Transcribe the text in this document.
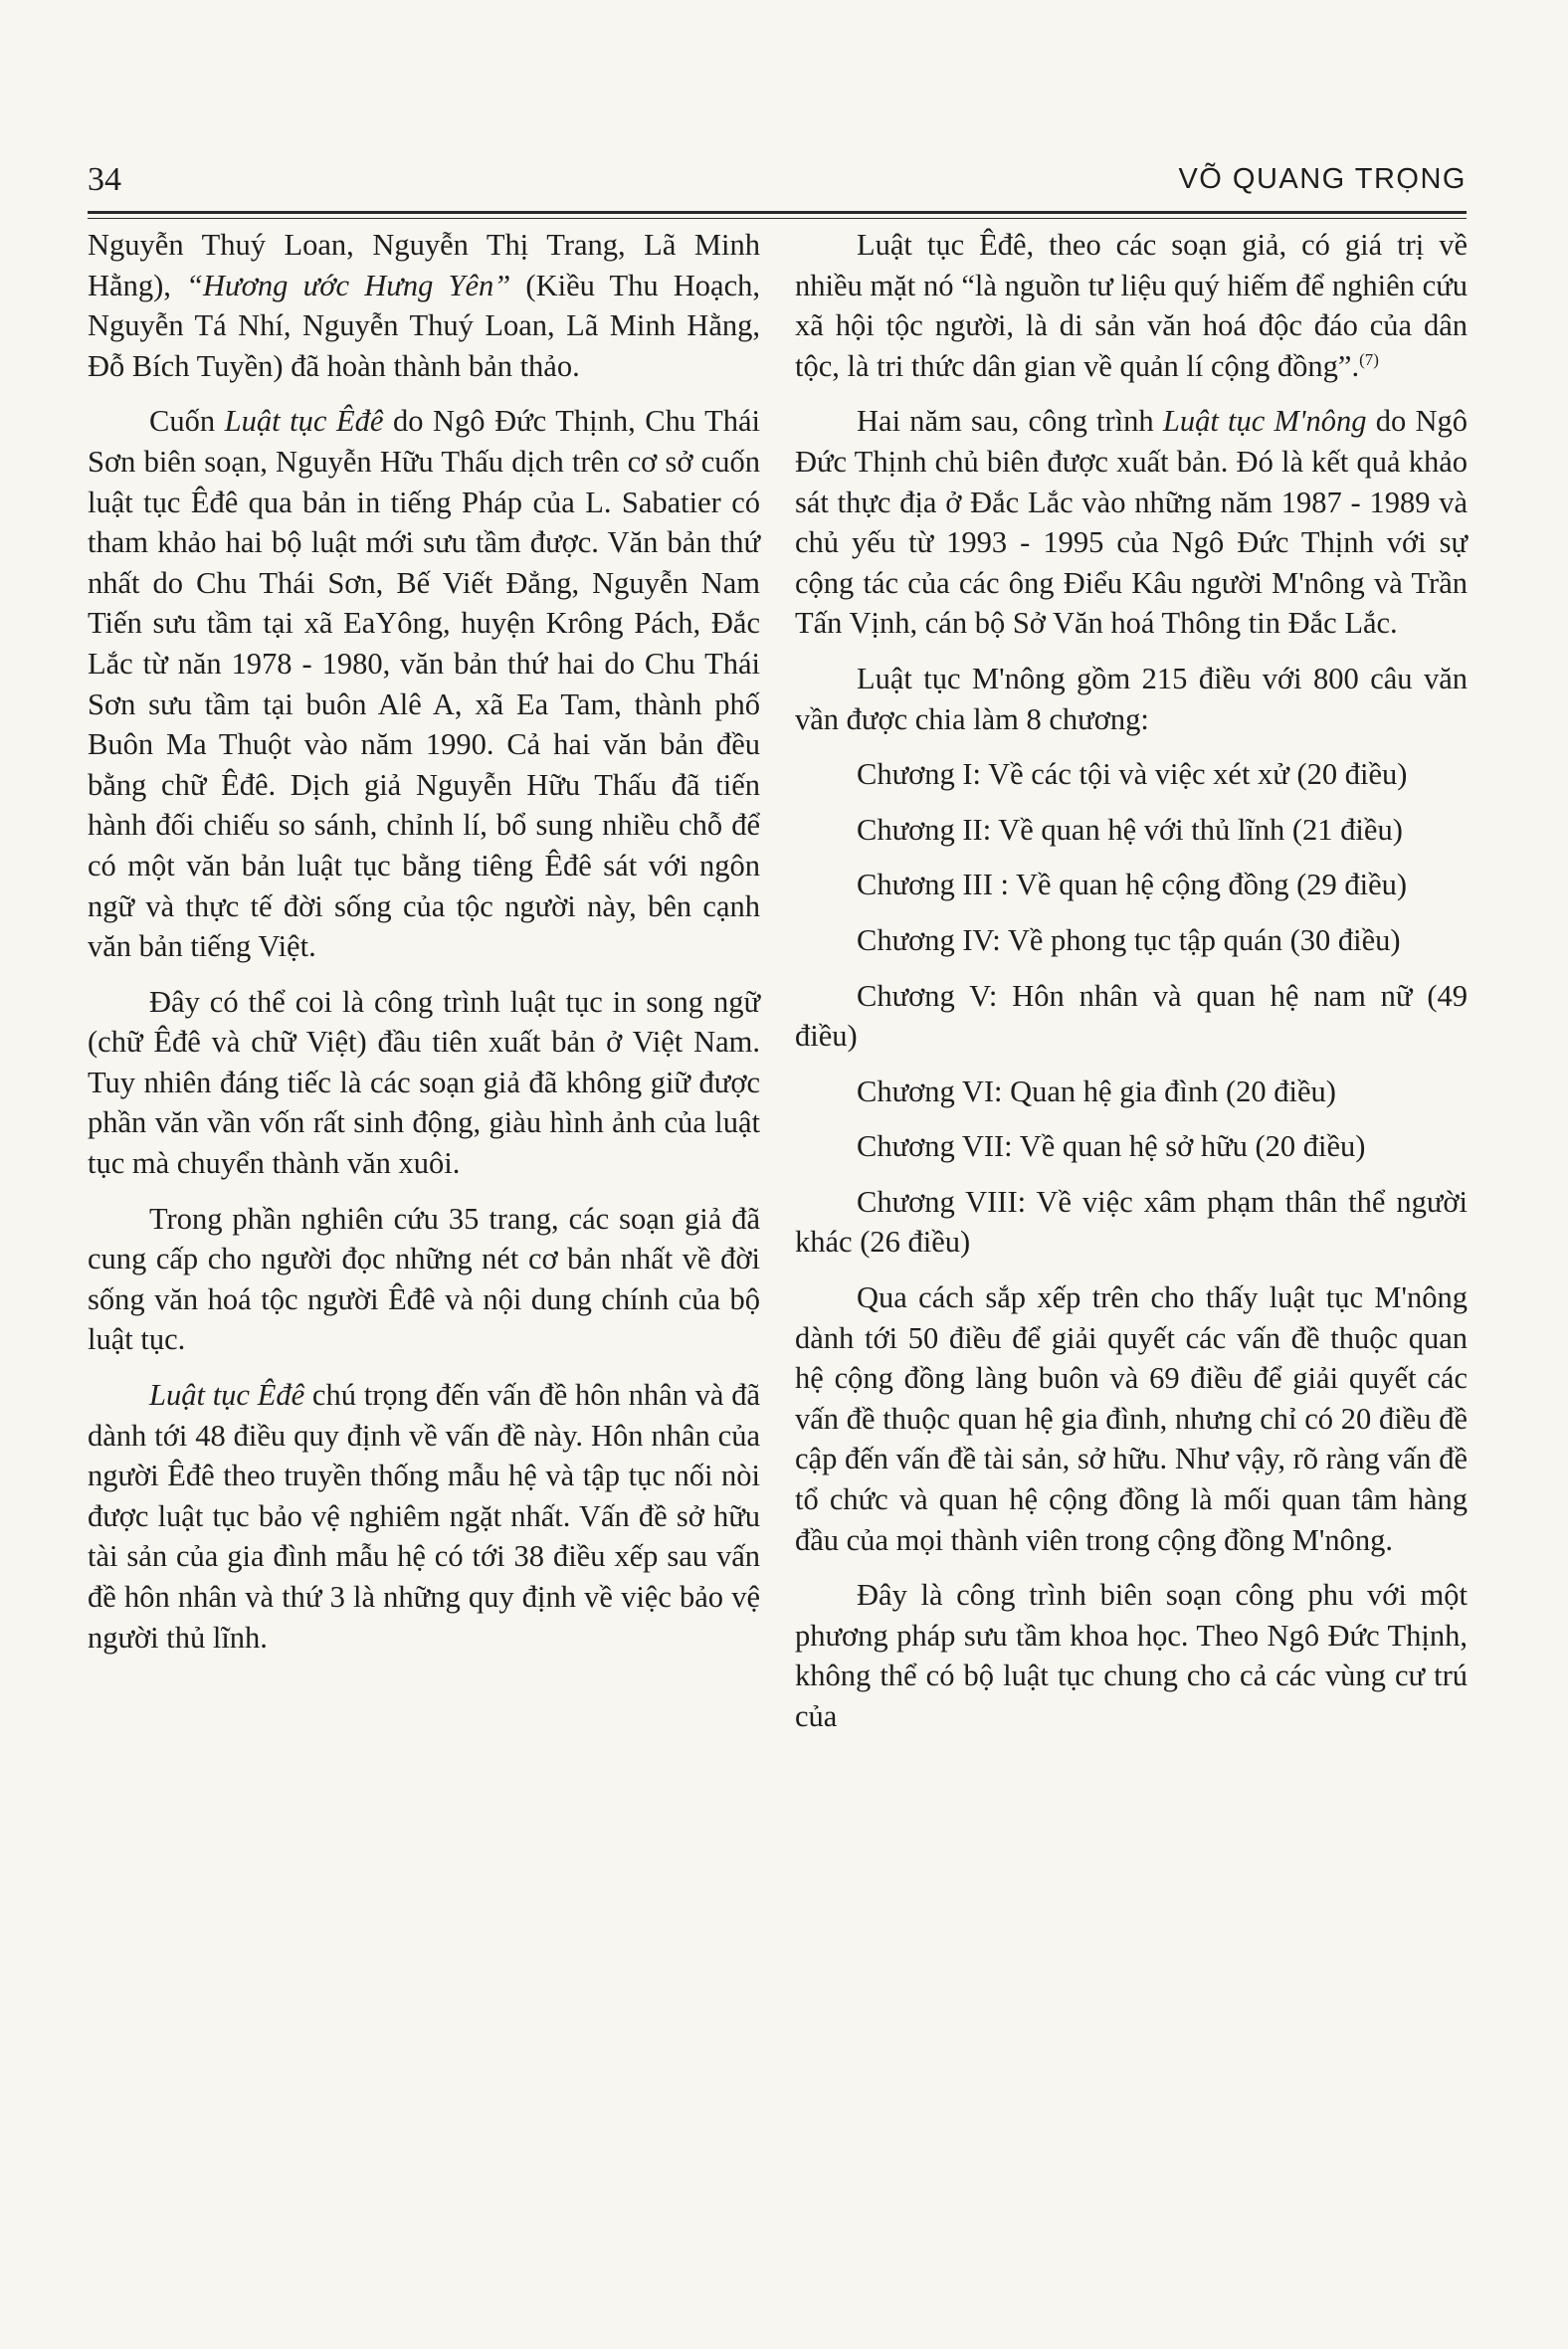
34	VÕ QUANG TRỌNG

Nguyễn Thuý Loan, Nguyễn Thị Trang, Lã Minh Hằng), “Hương ước Hưng Yên” (Kiều Thu Hoạch, Nguyễn Tá Nhí, Nguyễn Thuý Loan, Lã Minh Hằng, Đỗ Bích Tuyền) đã hoàn thành bản thảo.

Cuốn Luật tục Êđê do Ngô Đức Thịnh, Chu Thái Sơn biên soạn, Nguyễn Hữu Thấu dịch trên cơ sở cuốn luật tục Êđê qua bản in tiếng Pháp của L. Sabatier có tham khảo hai bộ luật mới sưu tầm được. Văn bản thứ nhất do Chu Thái Sơn, Bế Viết Đẳng, Nguyễn Nam Tiến sưu tầm tại xã EaYông, huyện Krông Pách, Đắc Lắc từ năn 1978 - 1980, văn bản thứ hai do Chu Thái Sơn sưu tầm tại buôn Alê A, xã Ea Tam, thành phố Buôn Ma Thuột vào năm 1990. Cả hai văn bản đều bằng chữ Êđê. Dịch giả Nguyễn Hữu Thấu đã tiến hành đối chiếu so sánh, chỉnh lí, bổ sung nhiều chỗ để có một văn bản luật tục bằng tiêng Êđê sát với ngôn ngữ và thực tế đời sống của tộc người này, bên cạnh văn bản tiếng Việt.

Đây có thể coi là công trình luật tục in song ngữ (chữ Êđê và chữ Việt) đầu tiên xuất bản ở Việt Nam. Tuy nhiên đáng tiếc là các soạn giả đã không giữ được phần văn vần vốn rất sinh động, giàu hình ảnh của luật tục mà chuyển thành văn xuôi.

Trong phần nghiên cứu 35 trang, các soạn giả đã cung cấp cho người đọc những nét cơ bản nhất về đời sống văn hoá tộc người Êđê và nội dung chính của bộ luật tục.

Luật tục Êđê chú trọng đến vấn đề hôn nhân và đã dành tới 48 điều quy định về vấn đề này. Hôn nhân của người Êđê theo truyền thống mẫu hệ và tập tục nối nòi được luật tục bảo vệ nghiêm ngặt nhất. Vấn đề sở hữu tài sản của gia đình mẫu hệ có tới 38 điều xếp sau vấn đề hôn nhân và thứ 3 là những quy định về việc bảo vệ người thủ lĩnh.

Luật tục Êđê, theo các soạn giả, có giá trị về nhiều mặt nó “là nguồn tư liệu quý hiếm để nghiên cứu xã hội tộc người, là di sản văn hoá độc đáo của dân tộc, là tri thức dân gian về quản lí cộng đồng”.$^{(7)}$

Hai năm sau, công trình Luật tục M'nông do Ngô Đức Thịnh chủ biên được xuất bản. Đó là kết quả khảo sát thực địa ở Đắc Lắc vào những năm 1987 - 1989 và chủ yếu từ 1993 - 1995 của Ngô Đức Thịnh với sự cộng tác của các ông Điểu Kâu người M'nông và Trần Tấn Vịnh, cán bộ Sở Văn hoá Thông tin Đắc Lắc.

Luật tục M'nông gồm 215 điều với 800 câu văn vần được chia làm 8 chương:

Chương I: Về các tội và việc xét xử (20 điều)

Chương II: Về quan hệ với thủ lĩnh (21 điều)

Chương III : Về quan hệ cộng đồng (29 điều)

Chương IV: Về phong tục tập quán (30 điều)

Chương V: Hôn nhân và quan hệ nam nữ (49 điều)

Chương VI: Quan hệ gia đình (20 điều)

Chương VII: Về quan hệ sở hữu (20 điều)

Chương VIII: Về việc xâm phạm thân thể người khác (26 điều)

Qua cách sắp xếp trên cho thấy luật tục M'nông dành tới 50 điều để giải quyết các vấn đề thuộc quan hệ cộng đồng làng buôn và 69 điều để giải quyết các vấn đề thuộc quan hệ gia đình, nhưng chỉ có 20 điều đề cập đến vấn đề tài sản, sở hữu. Như vậy, rõ ràng vấn đề tổ chức và quan hệ cộng đồng là mối quan tâm hàng đầu của mọi thành viên trong cộng đồng M'nông.

Đây là công trình biên soạn công phu với một phương pháp sưu tầm khoa học. Theo Ngô Đức Thịnh, không thể có bộ luật tục chung cho cả các vùng cư trú của
